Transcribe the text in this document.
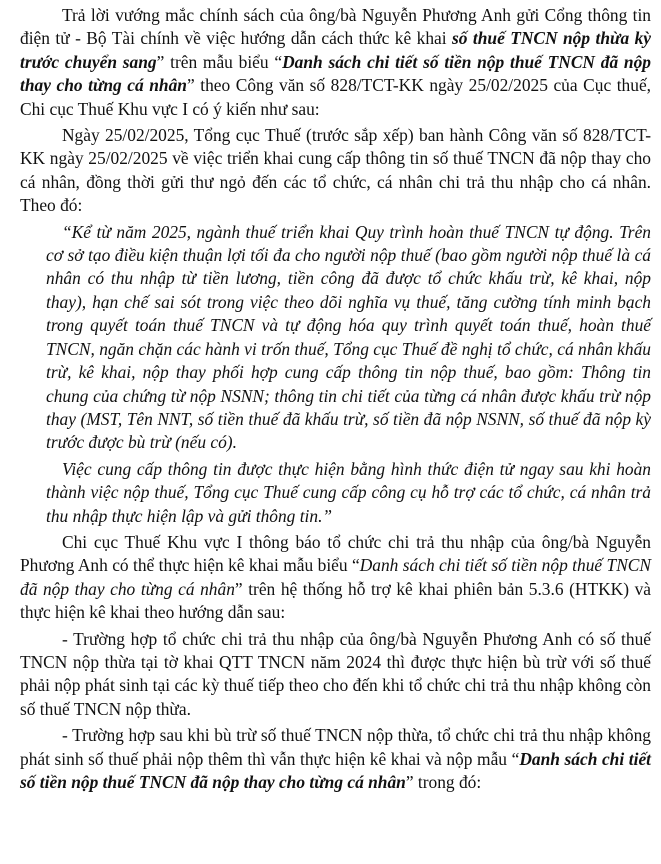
Trả lời vướng mắc chính sách của ông/bà Nguyễn Phương Anh gửi Cổng thông tin điện tử - Bộ Tài chính về việc hướng dẫn cách thức kê khai số thuế TNCN nộp thừa kỳ trước chuyển sang” trên mẫu biểu “Danh sách chi tiết số tiền nộp thuế TNCN đã nộp thay cho từng cá nhân” theo Công văn số 828/TCT-KK ngày 25/02/2025 của Cục thuế, Chi cục Thuế Khu vực I có ý kiến như sau:

Ngày 25/02/2025, Tổng cục Thuế (trước sắp xếp) ban hành Công văn số 828/TCT-KK ngày 25/02/2025 về việc triển khai cung cấp thông tin số thuế TNCN đã nộp thay cho cá nhân, đồng thời gửi thư ngỏ đến các tổ chức, cá nhân chi trả thu nhập cho cá nhân. Theo đó:

“Kể từ năm 2025, ngành thuế triển khai Quy trình hoàn thuế TNCN tự động. Trên cơ sở tạo điều kiện thuận lợi tối đa cho người nộp thuế (bao gồm người nộp thuế là cá nhân có thu nhập từ tiền lương, tiền công đã được tổ chức khấu trừ, kê khai, nộp thay), hạn chế sai sót trong việc theo dõi nghĩa vụ thuế, tăng cường tính minh bạch trong quyết toán thuế TNCN và tự động hóa quy trình quyết toán thuế, hoàn thuế TNCN, ngăn chặn các hành vi trốn thuế, Tổng cục Thuế đề nghị tổ chức, cá nhân khấu trừ, kê khai, nộp thay phối hợp cung cấp thông tin nộp thuế, bao gồm: Thông tin chung của chứng từ nộp NSNN; thông tin chi tiết của từng cá nhân được khấu trừ nộp thay (MST, Tên NNT, số tiền thuế đã khấu trừ, số tiền đã nộp NSNN, số thuế đã nộp kỳ trước được bù trừ (nếu có).

Việc cung cấp thông tin được thực hiện bằng hình thức điện tử ngay sau khi hoàn thành việc nộp thuế, Tổng cục Thuế cung cấp công cụ hỗ trợ các tổ chức, cá nhân trả thu nhập thực hiện lập và gửi thông tin.”

Chi cục Thuế Khu vực I thông báo tổ chức chi trả thu nhập của ông/bà Nguyễn Phương Anh có thể thực hiện kê khai mẫu biểu “Danh sách chi tiết số tiền nộp thuế TNCN đã nộp thay cho từng cá nhân” trên hệ thống hỗ trợ kê khai phiên bản 5.3.6 (HTKK) và thực hiện kê khai theo hướng dẫn sau:

- Trường hợp tổ chức chi trả thu nhập của ông/bà Nguyễn Phương Anh có số thuế TNCN nộp thừa tại tờ khai QTT TNCN năm 2024 thì được thực hiện bù trừ với số thuế phải nộp phát sinh tại các kỳ thuế tiếp theo cho đến khi tổ chức chi trả thu nhập không còn số thuế TNCN nộp thừa.

- Trường hợp sau khi bù trừ số thuế TNCN nộp thừa, tổ chức chi trả thu nhập không phát sinh số thuế phải nộp thêm thì vẫn thực hiện kê khai và nộp mẫu “Danh sách chi tiết số tiền nộp thuế TNCN đã nộp thay cho từng cá nhân” trong đó:
